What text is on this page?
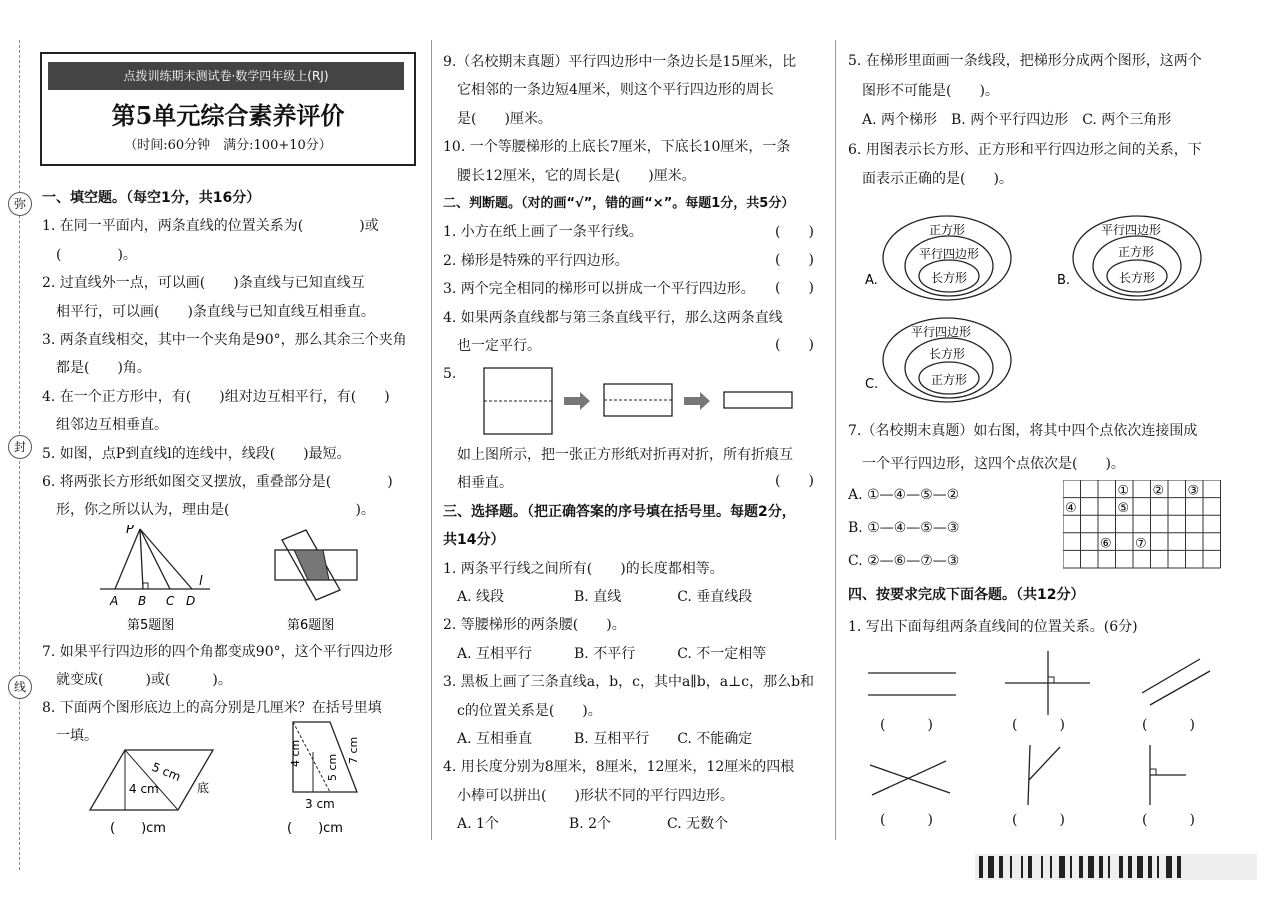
弥
封
线
点拨训练期末测试卷·数学四年级上(RJ)
第5单元综合素养评价
（时间:60分钟　满分:100+10分）
一、填空题。（每空1分，共16分）
1. 在同一平面内，两条直线的位置关系为(　　　　)或
　(　　　　)。
2. 过直线外一点，可以画(　　)条直线与已知直线互
　相平行，可以画(　　)条直线与已知直线互相垂直。
3. 两条直线相交，其中一个夹角是90°，那么其余三个夹角
　都是(　　)角。
4. 在一个正方形中，有(　　)组对边互相平行，有(　　)
　组邻边互相垂直。
5. 如图，点P到直线l的连线中，线段(　　)最短。
6. 将两张长方形纸如图交叉摆放，重叠部分是(　　　　)
　形，你之所以认为，理由是(　　　　　　　　　)。
7. 如果平行四边形的四个角都变成90°，这个平行四边形
　就变成(　　　)或(　　　)。
8. 下面两个图形底边上的高分别是几厘米？在括号里填
　一填。
9.（名校期末真题）平行四边形中一条边长是15厘米，比
　它相邻的一条边短4厘米，则这个平行四边形的周长
　是(　　)厘米。
10. 一个等腰梯形的上底长7厘米，下底长10厘米，一条
　腰长12厘米，它的周长是(　　)厘米。
二、判断题。（对的画“√”，错的画“×”。每题1分，共5分）
1. 小方在纸上画了一条平行线。
2. 梯形是特殊的平行四边形。
3. 两个完全相同的梯形可以拼成一个平行四边形。
4. 如果两条直线都与第三条直线平行，那么这两条直线
　也一定平行。
5.
　如上图所示，把一张正方形纸对折再对折，所有折痕互
　相垂直。
三、选择题。（把正确答案的序号填在括号里。每题2分，
共14分）
1. 两条平行线之间所有(　　)的长度都相等。
　A. 线段　　　　　B. 直线　　　　C. 垂直线段
2. 等腰梯形的两条腰(　　)。
　A. 互相平行　　　B. 不平行　　　C. 不一定相等
3. 黑板上画了三条直线a，b，c，其中a∥b，a⊥c，那么b和
　c的位置关系是(　　)。
　A. 互相垂直　　　B. 互相平行　　C. 不能确定
4. 用长度分别为8厘米，8厘米，12厘米，12厘米的四根
　小棒可以拼出(　　)形状不同的平行四边形。
　A. 1个　　　　　B. 2个　　　　C. 无数个
5. 在梯形里面画一条线段，把梯形分成两个图形，这两个
　图形不可能是(　　)。
　A. 两个梯形　B. 两个平行四边形　C. 两个三角形
6. 用图表示长方形、正方形和平行四边形之间的关系，下
　面表示正确的是(　　)。
7.（名校期末真题）如右图，将其中四个点依次连接围成
　一个平行四边形，这四个点依次是(　　)。
A. ①—④—⑤—②
B. ①—④—⑤—③
C. ②—⑥—⑦—③
四、按要求完成下面各题。（共12分）
1. 写出下面每组两条直线间的位置关系。(6分)
P
l
A B C D
第5题图	第6题图
5 cm
4 cm	底
(　　)cm
4 cm
5 cm
7 cm
3 cm
(　　)cm
(　　)
(　　)
(　　)
(　　)
(　　)
正方形
平行四边形
长方形
A.
平行四边形
正方形
长方形
B.
平行四边形
长方形
正方形
C.
① ② ③
④	⑤
⑥ ⑦
(　　　)	(　　　)	(　　　)
(　　　)	(　　　)	(　　　)
